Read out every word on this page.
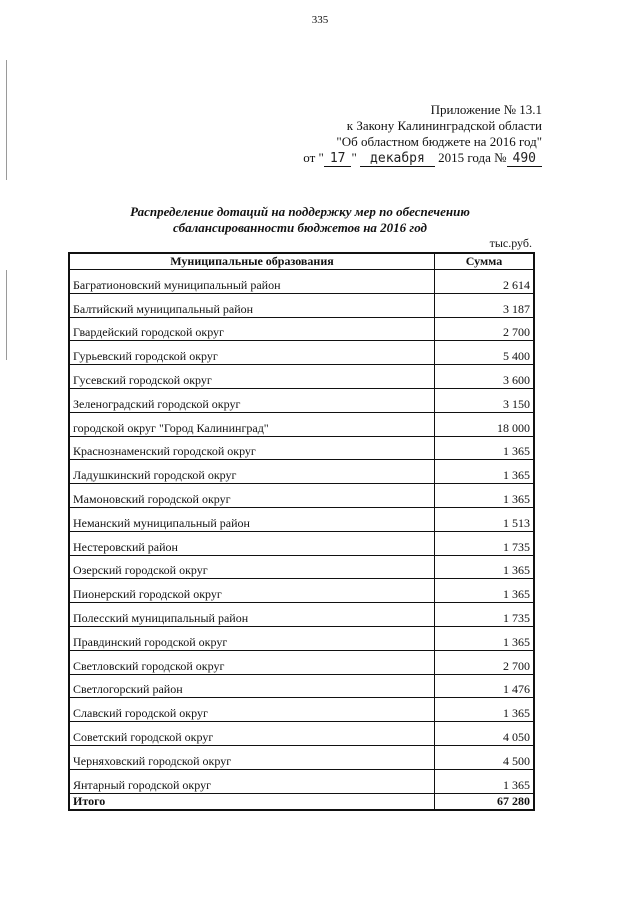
335
Приложение № 13.1
к Закону Калининградской области
"Об областном бюджете на 2016 год"
от " 17 " декабря 2015 года № 490
Распределение дотаций на поддержку мер по обеспечению
сбалансированности бюджетов на 2016 год
тыс.руб.
Муниципальные образования	Сумма
Багратионовский муниципальный район	2 614
Балтийский муниципальный район	3 187
Гвардейский городской округ	2 700
Гурьевский городской округ	5 400
Гусевский городской округ	3 600
Зеленоградский городской округ	3 150
городской округ "Город Калининград"	18 000
Краснознаменский городской округ	1 365
Ладушкинский городской округ	1 365
Мамоновский городской округ	1 365
Неманский муниципальный район	1 513
Нестеровский район	1 735
Озерский городской округ	1 365
Пионерский городской округ	1 365
Полесский муниципальный район	1 735
Правдинский городской округ	1 365
Светловский городской округ	2 700
Светлогорский район	1 476
Славский городской округ	1 365
Советский городской округ	4 050
Черняховский городской округ	4 500
Янтарный городской округ	1 365
Итого	67 280
